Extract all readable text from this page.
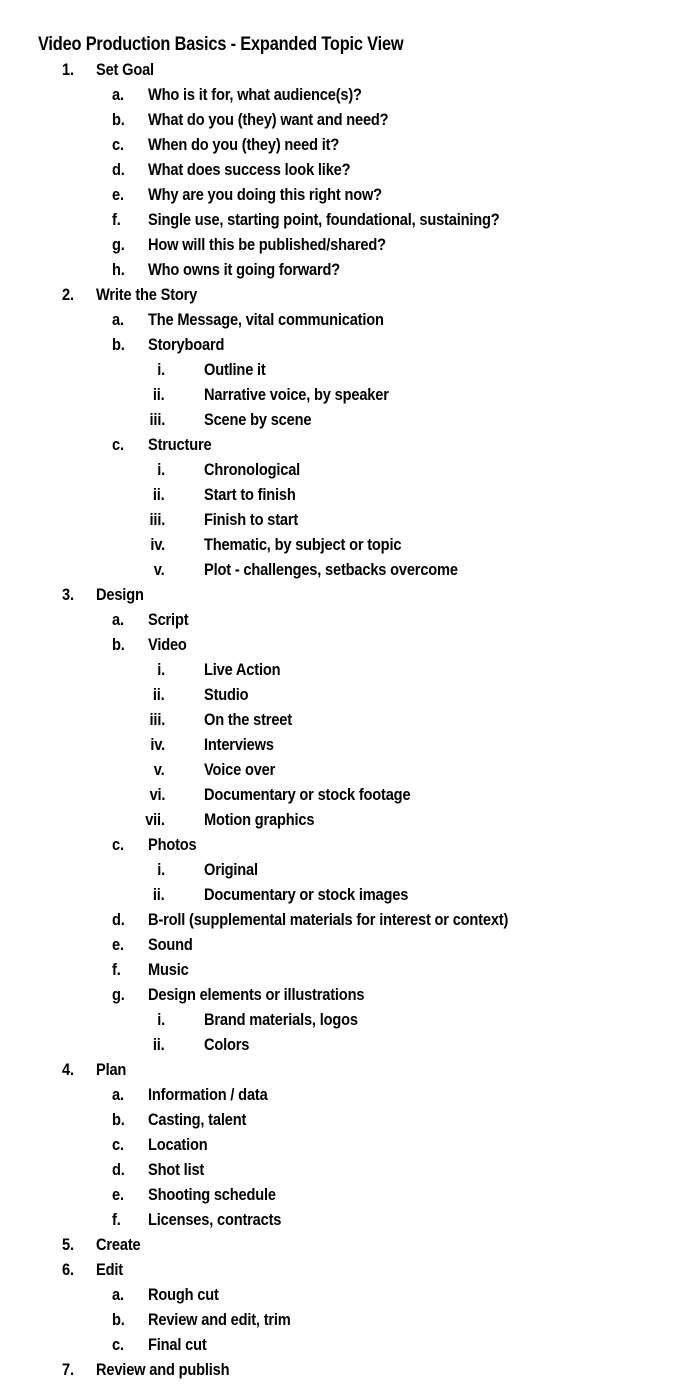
Video Production Basics - Expanded Topic View
1.	Set Goal
a.	Who is it for, what audience(s)?
b.	What do you (they) want and need?
c.	When do you (they) need it?
d.	What does success look like?
e.	Why are you doing this right now?
f.	Single use, starting point, foundational, sustaining?
g.	How will this be published/shared?
h.	Who owns it going forward?
2.	Write the Story
a.	The Message, vital communication
b.	Storyboard
i. Outline it
ii. Narrative voice, by speaker
iii. Scene by scene
c.	Structure
i. Chronological
ii. Start to finish
iii. Finish to start
iv. Thematic, by subject or topic
v. Plot - challenges, setbacks overcome
3.	Design
a.	Script
b.	Video
i. Live Action
ii. Studio
iii. On the street
iv. Interviews
v. Voice over
vi. Documentary or stock footage
vii. Motion graphics
c.	Photos
i. Original
ii. Documentary or stock images
d.	B-roll (supplemental materials for interest or context)
e.	Sound
f.	Music
g.	Design elements or illustrations
i. Brand materials, logos
ii. Colors
4.	Plan
a.	Information / data
b.	Casting, talent
c.	Location
d.	Shot list
e.	Shooting schedule
f.	Licenses, contracts
5.	Create
6.	Edit
a.	Rough cut
b.	Review and edit, trim
c.	Final cut
7.	Review and publish
